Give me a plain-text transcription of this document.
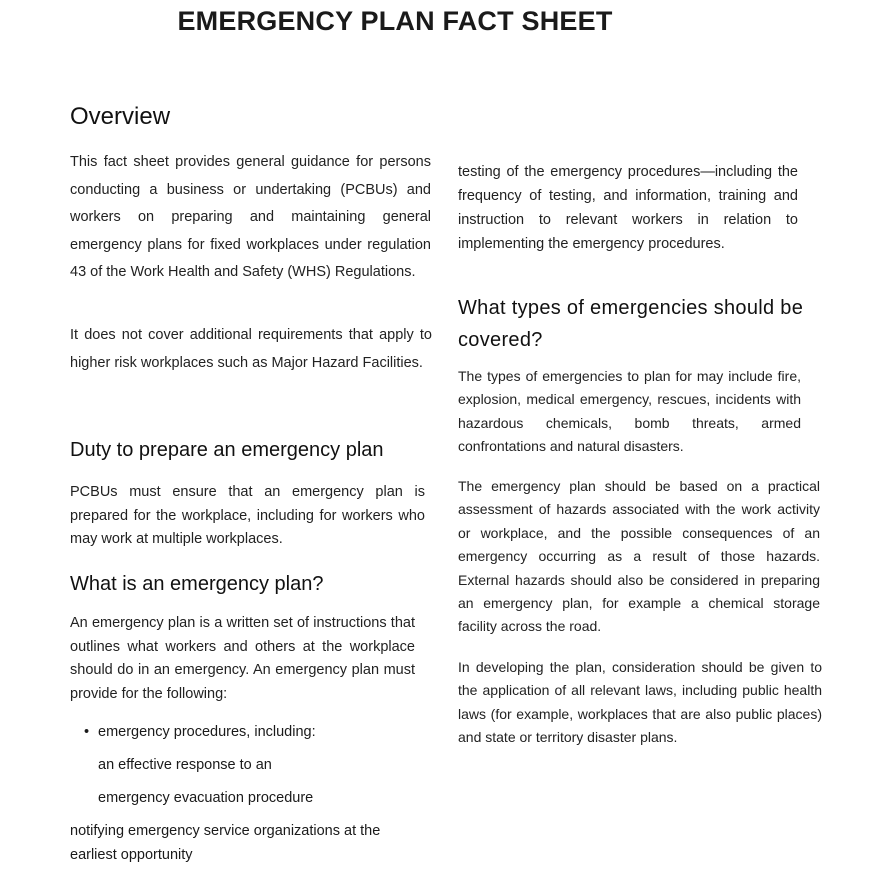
EMERGENCY PLAN FACT SHEET
Overview

This fact sheet provides general guidance for persons conducting a business or undertaking (PCBUs) and workers on preparing and maintaining general emergency plans for fixed workplaces under regulation 43 of the Work Health and Safety (WHS) Regulations.

It does not cover additional requirements that apply to higher risk workplaces such as Major Hazard Facilities.

Duty to prepare an emergency plan

PCBUs must ensure that an emergency plan is prepared for the workplace, including for workers who may work at multiple workplaces.

What is an emergency plan?

An emergency plan is a written set of instructions that outlines what workers and others at the workplace should do in an emergency. An emergency plan must provide for the following:

• emergency procedures, including:
an effective response to an
emergency evacuation procedure
notifying emergency service organizations at the
earliest opportunity

testing of the emergency procedures—including the frequency of testing, and information, training and instruction to relevant workers in relation to implementing the emergency procedures.

What types of emergencies should be covered?

The types of emergencies to plan for may include fire, explosion, medical emergency, rescues, incidents with hazardous chemicals, bomb threats, armed confrontations and natural disasters.

The emergency plan should be based on a practical assessment of hazards associated with the work activity or workplace, and the possible consequences of an emergency occurring as a result of those hazards. External hazards should also be considered in preparing an emergency plan, for example a chemical storage facility across the road.

In developing the plan, consideration should be given to the application of all relevant laws, including public health laws (for example, workplaces that are also public places) and state or territory disaster plans.
